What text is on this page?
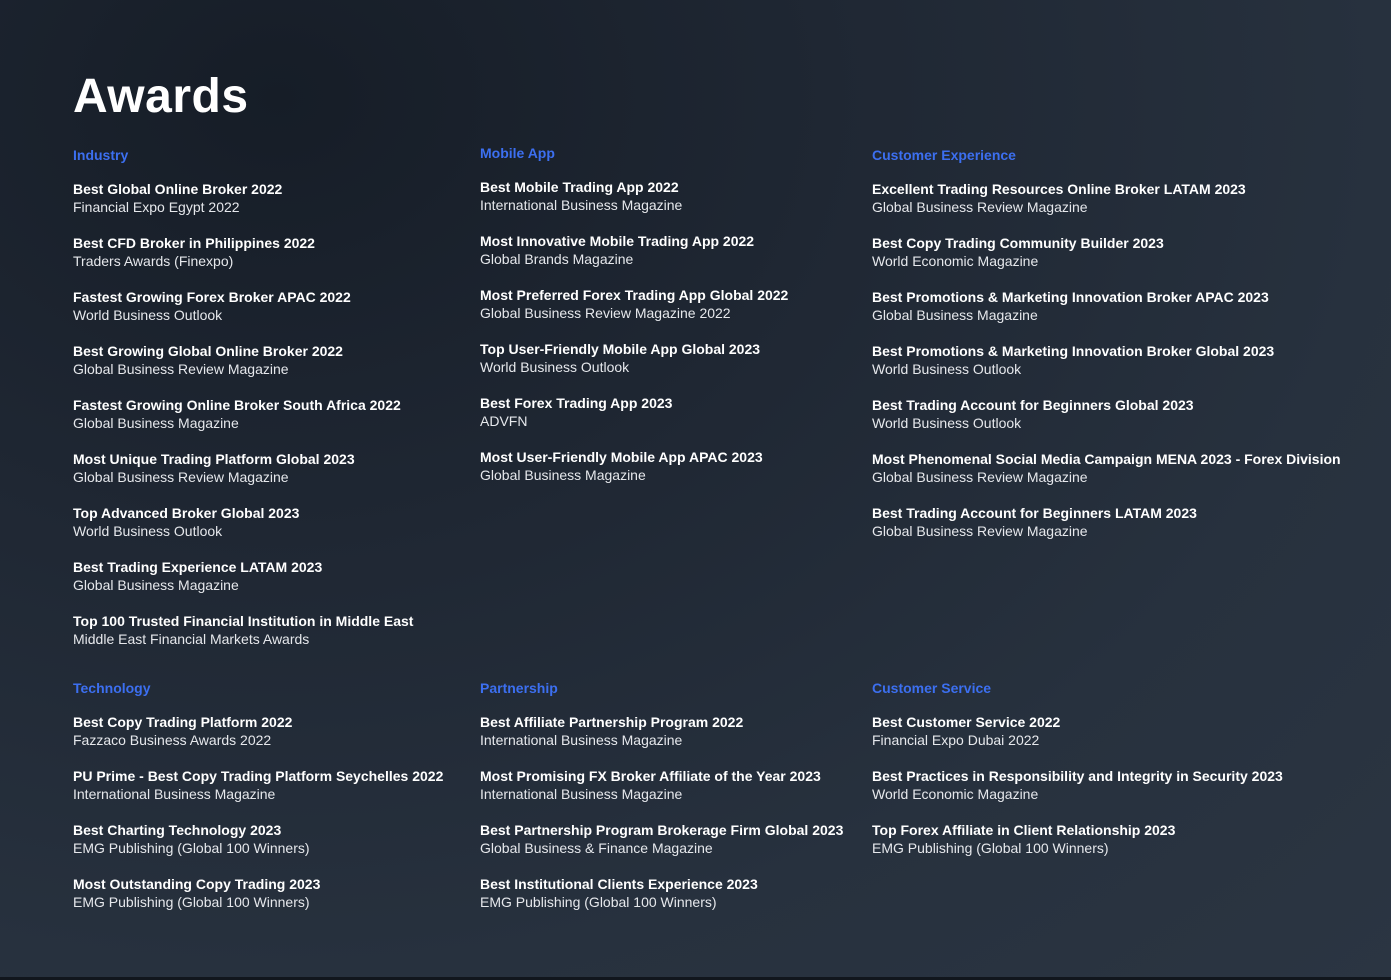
Awards
Industry
Best Global Online Broker 2022
Financial Expo Egypt 2022
Best CFD Broker in Philippines 2022
Traders Awards (Finexpo)
Fastest Growing Forex Broker APAC 2022
World Business Outlook
Best Growing Global Online Broker 2022
Global Business Review Magazine
Fastest Growing Online Broker South Africa 2022
Global Business Magazine
Most Unique Trading Platform Global 2023
Global Business Review Magazine
Top Advanced Broker Global 2023
World Business Outlook
Best Trading Experience LATAM 2023
Global Business Magazine
Top 100 Trusted Financial Institution in Middle East
Middle East Financial Markets Awards
Mobile App
Best Mobile Trading App 2022
International Business Magazine
Most Innovative Mobile Trading App 2022
Global Brands Magazine
Most Preferred Forex Trading App Global 2022
Global Business Review Magazine 2022
Top User-Friendly Mobile App Global 2023
World Business Outlook
Best Forex Trading App 2023
ADVFN
Most User-Friendly Mobile App APAC 2023
Global Business Magazine
Customer Experience
Excellent Trading Resources Online Broker LATAM 2023
Global Business Review Magazine
Best Copy Trading Community Builder 2023
World Economic Magazine
Best Promotions & Marketing Innovation Broker APAC 2023
Global Business Magazine
Best Promotions & Marketing Innovation Broker Global 2023
World Business Outlook
Best Trading Account for Beginners Global 2023
World Business Outlook
Most Phenomenal Social Media Campaign MENA 2023 - Forex Division
Global Business Review Magazine
Best Trading Account for Beginners LATAM 2023
Global Business Review Magazine
Technology
Best Copy Trading Platform 2022
Fazzaco Business Awards 2022
PU Prime - Best Copy Trading Platform Seychelles 2022
International Business Magazine
Best Charting Technology 2023
EMG Publishing (Global 100 Winners)
Most Outstanding Copy Trading 2023
EMG Publishing (Global 100 Winners)
Partnership
Best Affiliate Partnership Program 2022
International Business Magazine
Most Promising FX Broker Affiliate of the Year 2023
International Business Magazine
Best Partnership Program Brokerage Firm Global 2023
Global Business & Finance Magazine
Best Institutional Clients Experience 2023
EMG Publishing (Global 100 Winners)
Customer Service
Best Customer Service 2022
Financial Expo Dubai 2022
Best Practices in Responsibility and Integrity in Security 2023
World Economic Magazine
Top Forex Affiliate in Client Relationship 2023
EMG Publishing (Global 100 Winners)
